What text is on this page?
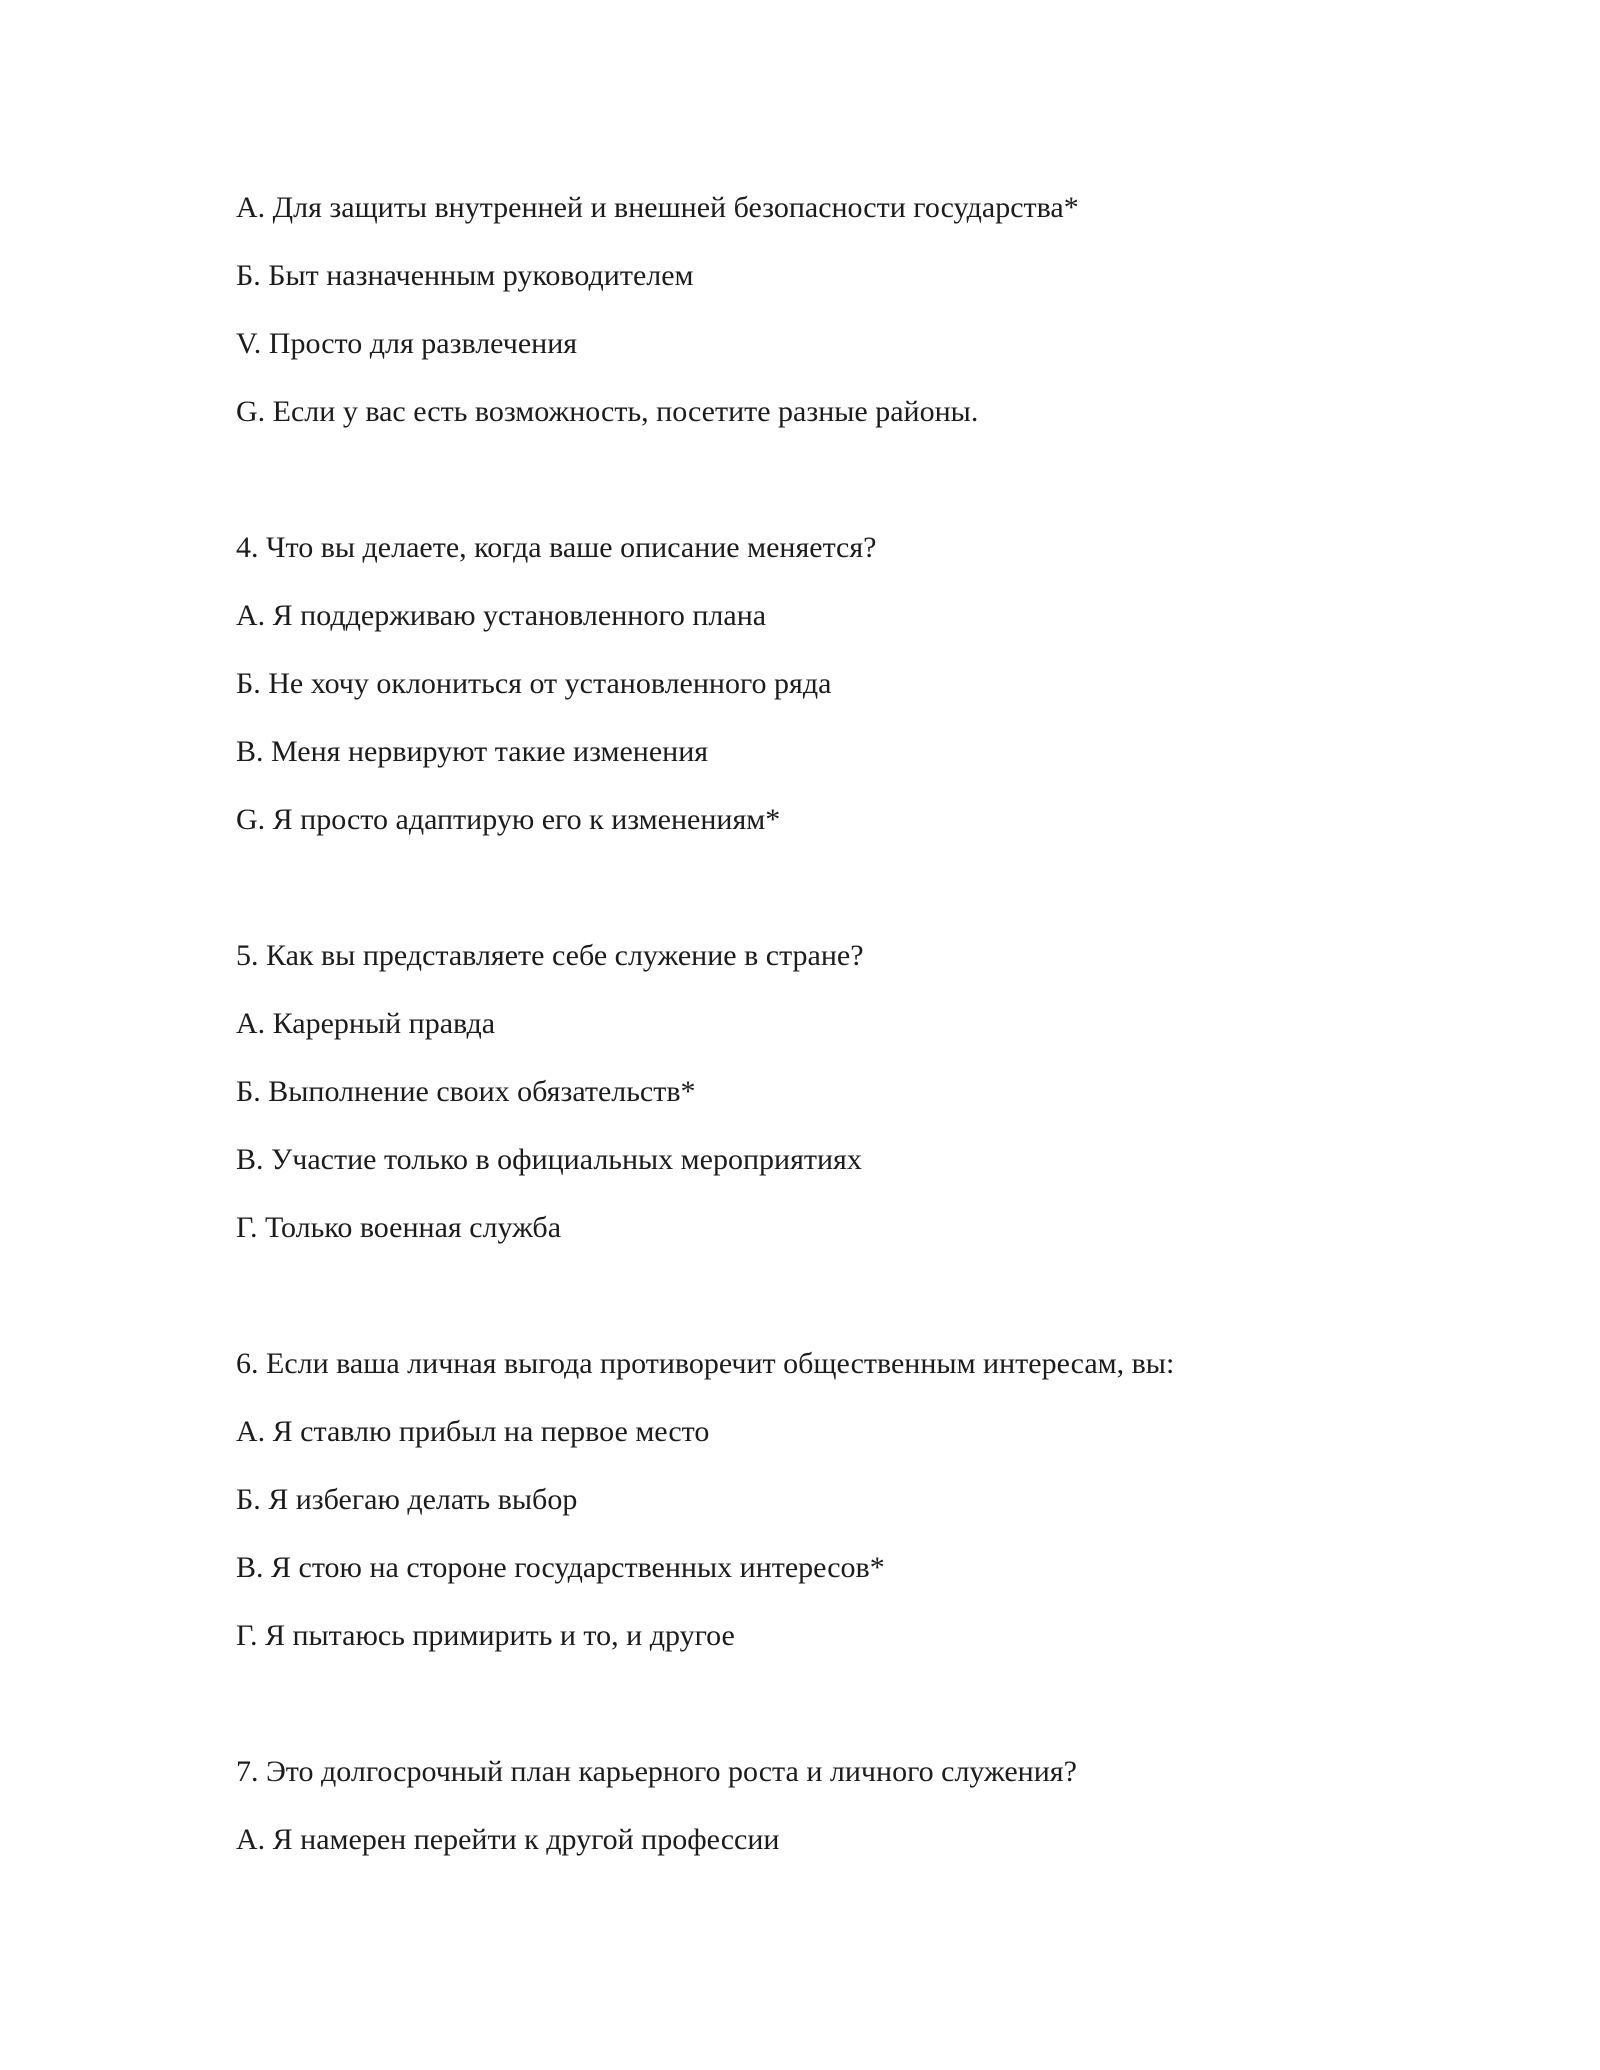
А. Для защиты внутренней и внешней безопасности государства*
Б. Быт назначенным руководителем
V. Просто для развлечения
G. Если у вас есть возможность, посетите разные районы.
4. Что вы делаете, когда ваше описание меняется?
А. Я поддерживаю установленного плана
Б. Не хочу оклониться от установленного ряда
В. Меня нервируют такие изменения
G. Я просто адаптирую его к изменениям*
5. Как вы представляете себе служение в стране?
А. Карерный правда
Б. Выполнение своих обязательств*
В. Участие только в официальных мероприятиях
Г. Только военная служба
6. Если ваша личная выгода противоречит общественным интересам, вы:
А. Я ставлю прибыл на первое место
Б. Я избегаю делать выбор
В. Я стою на стороне государственных интересов*
Г. Я пытаюсь примирить и то, и другое
7. Это долгосрочный план карьерного роста и личного служения?
А. Я намерен перейти к другой профессии
